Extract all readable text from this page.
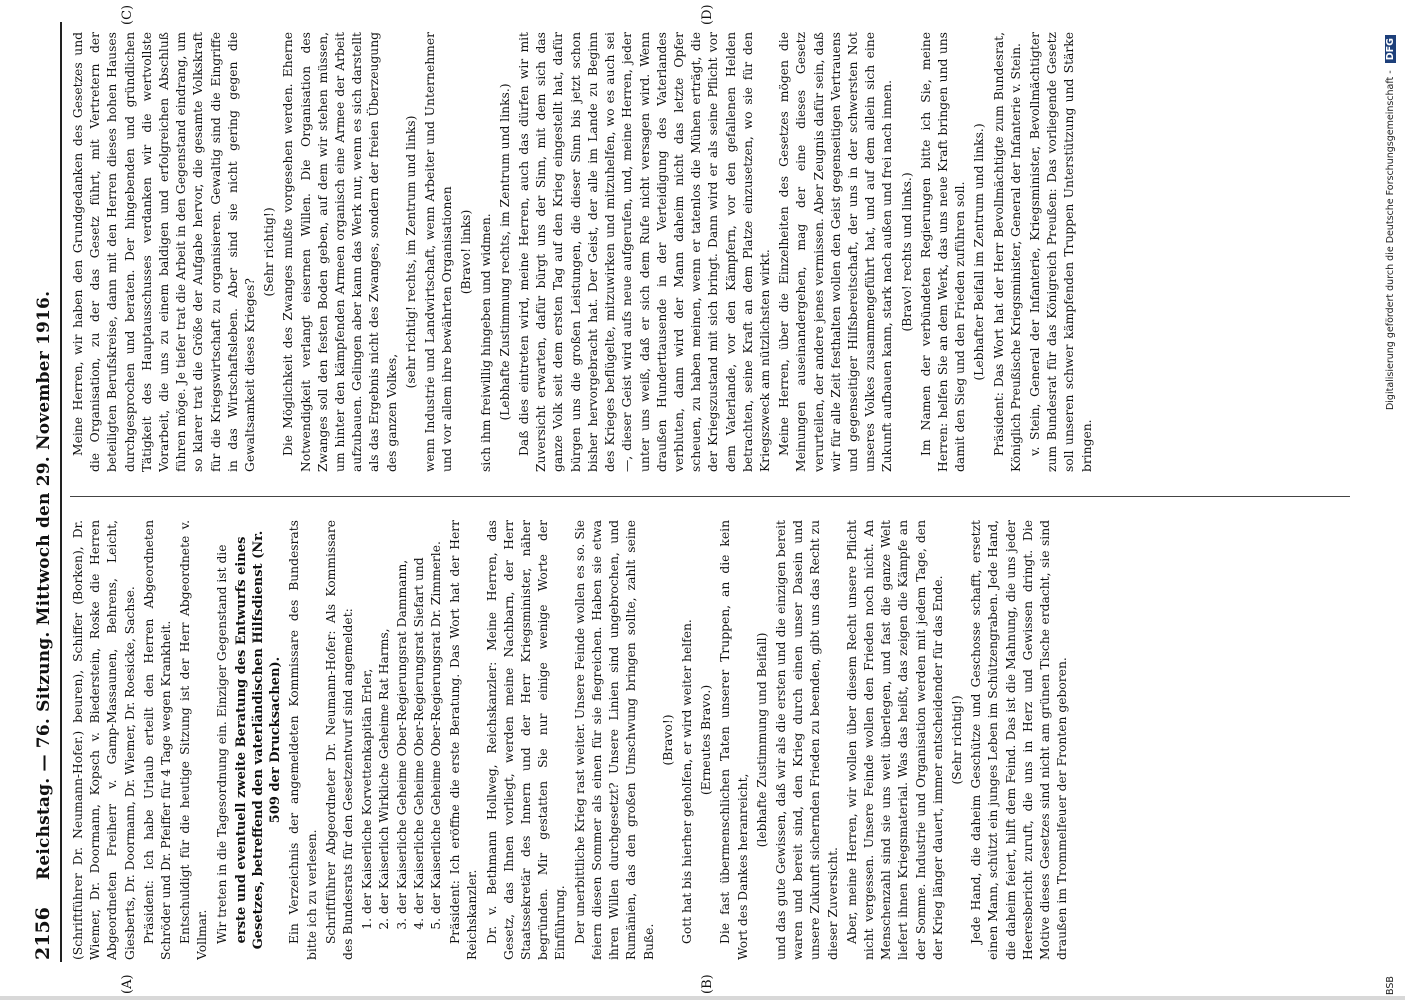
2156
Reichstag. — 76. Sitzung. Mittwoch den 29. November 1916.
(A)	(B)
(C)	(D)

(Schriftführer Dr. Neumann-Hofer.) beuren), Schiffer (Borken), Dr. Wiemer, Dr. Doormann, Kopsch v. Biederstein, Roske die Herren Abgeordneten Freiherr v. Gamp-Massaunen, Behrens, Leicht, Giesberts, Dr. Doormann, Dr. Wiemer, Dr. Roesicke, Sachse. Präsident: Ich habe Urlaub erteilt den Herren Abgeordneten Schröder und Dr. Pfeiffer für 4 Tage wegen Krankheit. Entschuldigt für die heutige Sitzung ist der Herr Abgeordnete v. Vollmar. Wir treten in die Tagesordnung ein. Einziger Gegenstand ist die erste und eventuell zweite Beratung des Entwurfs eines Gesetzes, betreffend den vaterländischen Hilfsdienst (Nr. 509 der Drucksachen). Ein Verzeichnis der angemeldeten Kommissare des Bundesrats bitte ich zu verlesen. Schriftführer Abgeordneter Dr. Neumann-Hofer: Als Kommissare des Bundesrats für den Gesetzentwurf sind angemeldet: 1. der Kaiserliche Korvettenkapitän Erler, 2. der Kaiserlich Wirkliche Geheime Rat Harms, 3. der Kaiserliche Geheime Ober-Regierungsrat Dammann, 4. der Kaiserliche Geheime Ober-Regierungsrat Siefart und 5. der Kaiserliche Geheime Ober-Regierungsrat Dr. Zimmerle. Präsident: Ich eröffne die erste Beratung. Das Wort hat der Herr Reichskanzler. Dr. v. Bethmann Hollweg, Reichskanzler: Meine Herren, das Gesetz, das Ihnen vorliegt, werden meine Nachbarn, der Herr Staatssekretär des Innern und der Herr Kriegsminister, näher begründen. Mir gestatten Sie nur einige wenige Worte der Einführung. Der unerbittliche Krieg rast weiter. Unsere Feinde wollen es so. Sie feiern diesen Sommer als einen für sie fiegreichen. Haben sie etwa ihren Willen durchgesetzt? Unsere Linien sind ungebrochen, und Rumänien, das den großen Umschwung bringen sollte, zahlt seine Buße.

(Bravo!) Gott hat bis hierher geholfen, er wird weiter helfen. (Erneutes Bravo.) Die fast übermenschlichen Taten unserer Truppen, an die kein Wort des Dankes heranreicht,

(lebhafte Zustimmung und Beifall) und das gute Gewissen, daß wir als die ersten und die einzigen bereit waren und bereit sind, den Krieg durch einen unser Dasein und unsere Zukunft sichernden Frieden zu beenden, gibt uns das Recht zu dieser Zuversicht. Aber, meine Herren, wir wollen über diesem Recht unsere Pflicht nicht vergessen. Unsere Feinde wollen den Frieden noch nicht. An Menschenzahl sind sie uns weit überlegen, und fast die ganze Welt liefert ihnen Kriegsmaterial. Was das heißt, das zeigen die Kämpfe an der Somme. Industrie und Organisation werden mit jedem Tage, den der Krieg länger dauert, immer entscheidender für das Ende. (Sehr richtig!) Jede Hand, die daheim Geschütze und Geschosse schafft, ersetzt einen Mann, schützt ein junges Leben im Schützengraben. Jede Hand, die daheim feiert, hilft dem Feind. Das ist die Mahnung, die uns jeder Heeresbericht zuruft, die uns in Herz und Gewissen dringt. Die Motive dieses Gesetzes sind nicht am grünen Tische erdacht, sie sind draußen im Trommelfeuer der Fronten geboren.

Meine Herren, wir haben den Grundgedanken des Gesetzes und die Organisation, zu der das Gesetz führt, mit Vertretern der beteiligten Berufskreise, dann mit den Herren dieses hohen Hauses durchgesprochen und beraten. Der hingebenden und gründlichen Tätigkeit des Hauptausschusses verdanken wir die wertvollste Vorarbeit, die uns zu einem baldigen und erfolgreichen Abschluß führen möge. Je tiefer trat die Arbeit in den Gegenstand eindrang, um so klarer trat die Größe der Aufgabe hervor, die gesamte Volkskraft für die Kriegswirtschaft zu organisieren. Gewaltig sind die Eingriffe in das Wirtschaftsleben. Aber sind sie nicht gering gegen die Gewaltsamkeit dieses Krieges?

(Sehr richtig!) Die Möglichkeit des Zwanges mußte vorgesehen werden. Eherne Notwendigkeit verlangt eisernen Willen. Die Organisation des Zwanges soll den festen Boden geben, auf dem wir stehen müssen, um hinter den kämpfenden Armeen organisch eine Armee der Arbeit aufzubauen. Gelingen aber kann das Werk nur, wenn es sich darstellt als das Ergebnis nicht des Zwanges, sondern der freien Überzeugung des ganzen Volkes,

(sehr richtig! rechts, im Zentrum und links) wenn Industrie und Landwirtschaft, wenn Arbeiter und Unternehmer und vor allem ihre bewährten Organisationen (Bravo! links) sich ihm freiwillig hingeben und widmen. (Lebhafte Zustimmung rechts, im Zentrum und links.) Daß dies eintreten wird, meine Herren, auch das dürfen wir mit Zuversicht erwarten, dafür bürgt uns der Sinn, mit dem sich das ganze Volk seit dem ersten Tag auf den Krieg eingestellt hat, dafür bürgen uns die großen Leistungen, die dieser Sinn bis jetzt schon bisher hervorgebracht hat. Der Geist, der alle im Lande zu Beginn des Krieges beflügelte, mitzuwirken und mitzuhelfen, wo es auch sei —, dieser Geist wird aufs neue aufgerufen, und, meine Herren, jeder unter uns weiß, daß er sich dem Rufe nicht versagen wird. Wenn draußen Hunderttausende in der Verteidigung des Vaterlandes verbluten, dann wird der Mann daheim nicht das letzte Opfer scheuen, zu haben meinen, wenn er tatenlos die Mühen erträgt, die der Kriegszustand mit sich bringt. Dann wird er als seine Pflicht vor dem Vaterlande, vor den Kämpfern, vor den gefallenen Helden betrachten, seine Kraft an dem Platze einzusetzen, wo sie für den Kriegszweck am nützlichsten wirkt. Meine Herren, über die Einzelheiten des Gesetzes mögen die Meinungen auseinandergehen, mag der eine dieses Gesetz verurteilen, der andere jenes vermissen. Aber Zeugnis dafür sein, daß wir für alle Zeit festhalten wollen den Geist gegenseitigen Vertrauens und gegenseitiger Hilfsbereitschaft, der uns in der schwersten Not unseres Volkes zusammengeführt hat, und auf dem allein sich eine Zukunft aufbauen kann, stark nach außen und frei nach innen. (Bravo! rechts und links.) Im Namen der verbündeten Regierungen bitte ich Sie, meine Herren: helfen Sie an dem Werk, das uns neue Kraft bringen und uns damit den Sieg und den Frieden zuführen soll. (Lebhafter Beifall im Zentrum und links.) Präsident: Das Wort hat der Herr Bevollmächtigte zum Bundesrat, Königlich Preußische Kriegsminister, General der Infanterie v. Stein. v. Stein, General der Infanterie, Kriegsminister, Bevollmächtigter zum Bundesrat für das Königreich Preußen: Das vorliegende Gesetz soll unseren schwer kämpfenden Truppen Unterstützung und Stärke bringen.

BSB  Digitalisierung gefördert durch die Deutsche Forschungsgemeinschaft - DFG
